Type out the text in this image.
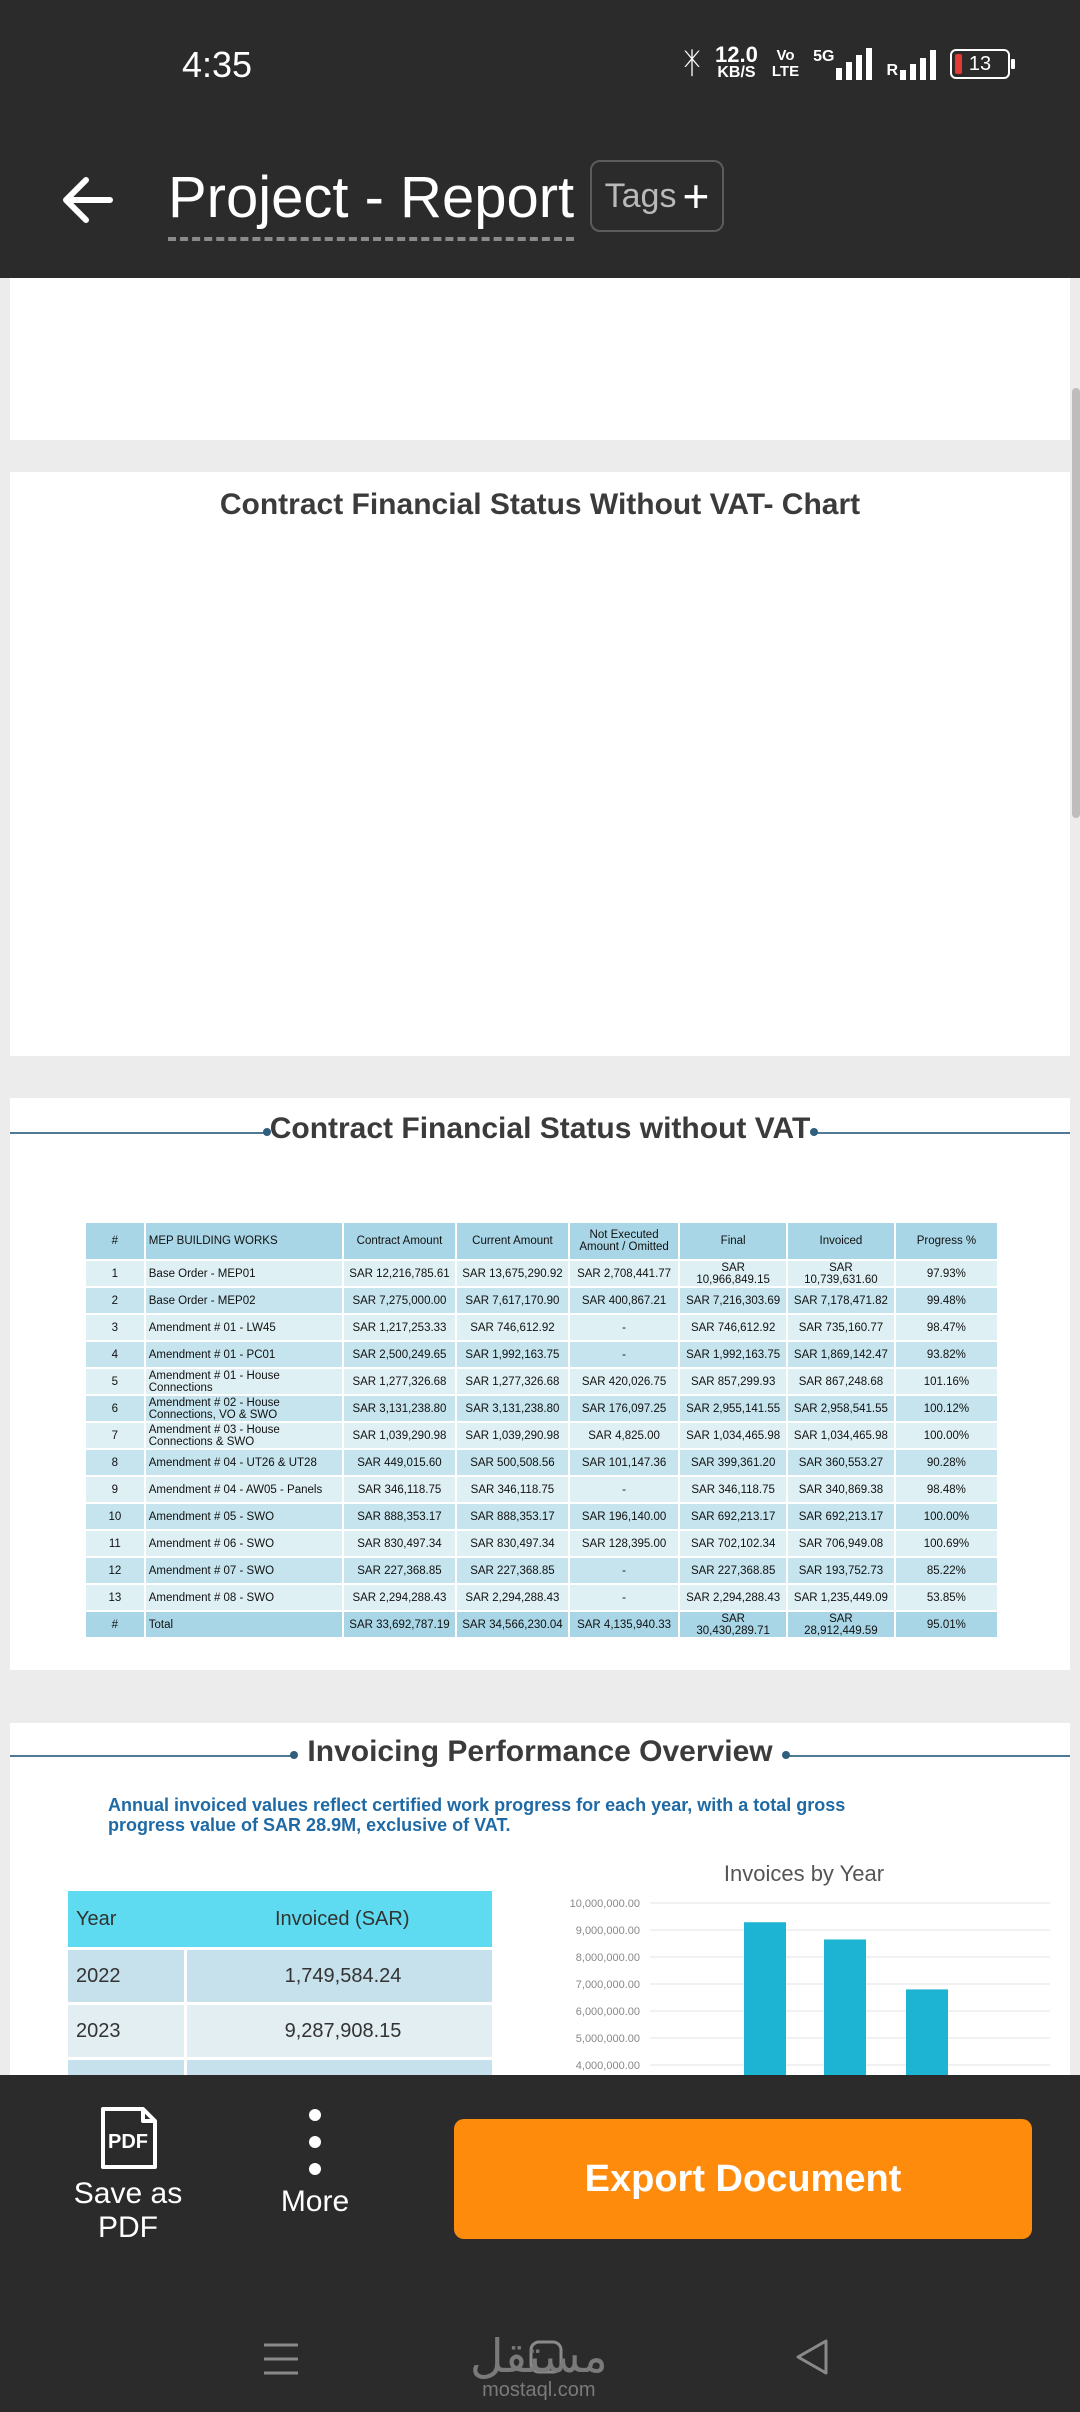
4:35	ᛡ 12.0
KB/S
Vo
LTE
5G
R	13
Project - Report Tags +
Contract Financial Status Without VAT- Chart
Contract Financial Status without VAT
#	MEP BUILDING WORKS	Contract Amount	Current Amount	Not Executed Amount / Omitted	Final	Invoiced	Progress %
1	Base Order - MEP01	SAR 12,216,785.61	SAR 13,675,290.92	SAR 2,708,441.77	SAR 10,966,849.15	SAR 10,739,631.60	97.93%
2	Base Order - MEP02	SAR 7,275,000.00	SAR 7,617,170.90	SAR 400,867.21	SAR 7,216,303.69	SAR 7,178,471.82	99.48%
3	Amendment # 01 - LW45	SAR 1,217,253.33	SAR 746,612.92	-	SAR 746,612.92	SAR 735,160.77	98.47%
4	Amendment # 01 - PC01	SAR 2,500,249.65	SAR 1,992,163.75	-	SAR 1,992,163.75	SAR 1,869,142.47	93.82%
5	Amendment # 01 - House Connections	SAR 1,277,326.68	SAR 1,277,326.68	SAR 420,026.75	SAR 857,299.93	SAR 867,248.68	101.16%
6	Amendment # 02 - House Connections, VO & SWO	SAR 3,131,238.80	SAR 3,131,238.80	SAR 176,097.25	SAR 2,955,141.55	SAR 2,958,541.55	100.12%
7	Amendment # 03 - House Connections & SWO	SAR 1,039,290.98	SAR 1,039,290.98	SAR 4,825.00	SAR 1,034,465.98	SAR 1,034,465.98	100.00%
8	Amendment # 04 - UT26 & UT28	SAR 449,015.60	SAR 500,508.56	SAR 101,147.36	SAR 399,361.20	SAR 360,553.27	90.28%
9	Amendment # 04 - AW05 - Panels	SAR 346,118.75	SAR 346,118.75	-	SAR 346,118.75	SAR 340,869.38	98.48%
10	Amendment # 05 - SWO	SAR 888,353.17	SAR 888,353.17	SAR 196,140.00	SAR 692,213.17	SAR 692,213.17	100.00%
11	Amendment # 06 - SWO	SAR 830,497.34	SAR 830,497.34	SAR 128,395.00	SAR 702,102.34	SAR 706,949.08	100.69%
12	Amendment # 07 - SWO	SAR 227,368.85	SAR 227,368.85	-	SAR 227,368.85	SAR 193,752.73	85.22%
13	Amendment # 08 - SWO	SAR 2,294,288.43	SAR 2,294,288.43	-	SAR 2,294,288.43	SAR 1,235,449.09	53.85%
#	Total	SAR 33,692,787.19	SAR 34,566,230.04	SAR 4,135,940.33	SAR 30,430,289.71	SAR 28,912,449.59	95.01%
Invoicing Performance Overview
Annual invoiced values reflect certified work progress for each year, with a total gross progress value of SAR 28.9M, exclusive of VAT.
Year	Invoiced (SAR)
2022	1,749,584.24
2023	9,287,908.15

Invoices by Year
10,000,000.00
9,000,000.00
8,000,000.00
7,000,000.00
6,000,000.00
5,000,000.00
4,000,000.00
PDF
Save as
PDF
More
Export Document
مستقل
mostaql.com
